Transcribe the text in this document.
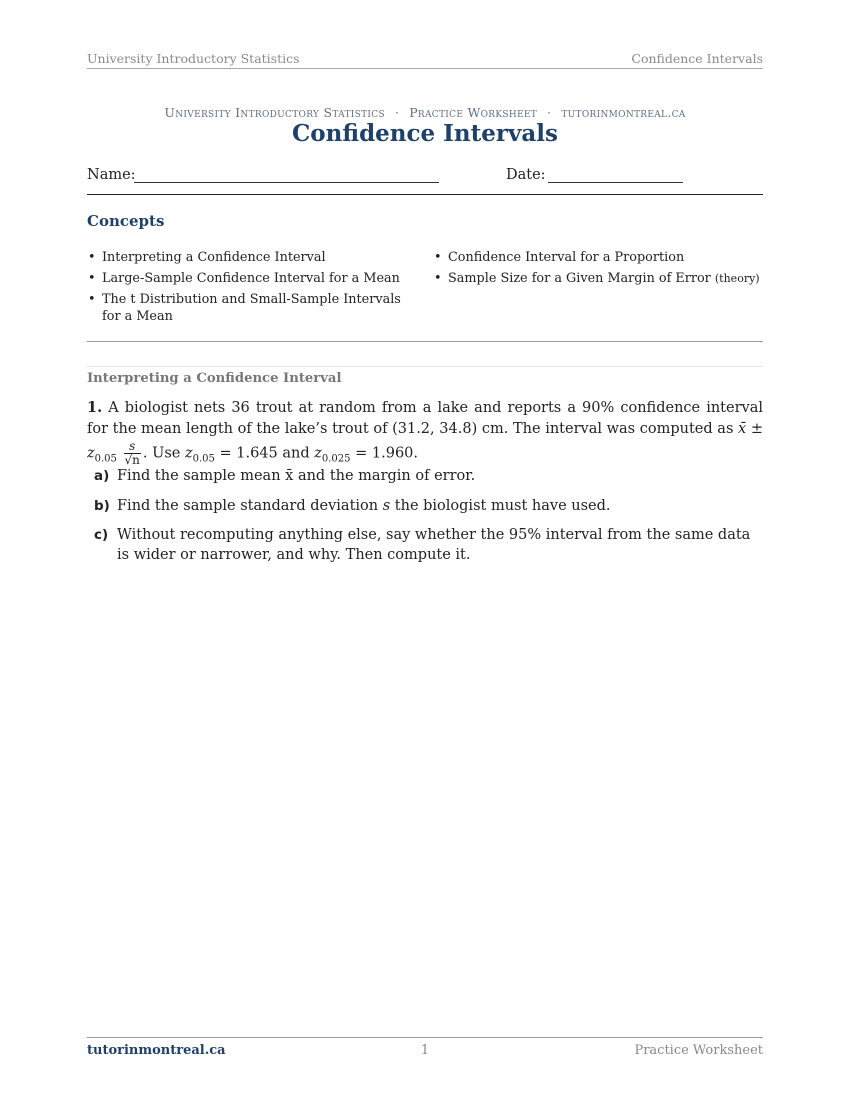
University Introductory Statistics	Confidence Intervals
University Introductory Statistics · Practice Worksheet · tutorinmontreal.ca
Confidence Intervals
Name:	Date:
Concepts
• Interpreting a Confidence Interval
• Large-Sample Confidence Interval for a Mean
• The t Distribution and Small-Sample Intervals for a Mean
• Confidence Interval for a Proportion
• Sample Size for a Given Margin of Error (theory)
Interpreting a Confidence Interval
1. A biologist nets 36 trout at random from a lake and reports a 90% confidence interval for the mean length of the lake’s trout of (31.2, 34.8) cm. The interval was computed as x̄ ± $z_{0.05} \frac{s}{√n}$ . Use $z_{0.05} = 1.645$ and $z_{0.025} = 1.960$.
a) Find the sample mean x̄ and the margin of error.
b) Find the sample standard deviation s the biologist must have used.
c) Without recomputing anything else, say whether the 95% interval from the same data is wider or narrower, and why. Then compute it.
tutorinmontreal.ca	1	Practice Worksheet
